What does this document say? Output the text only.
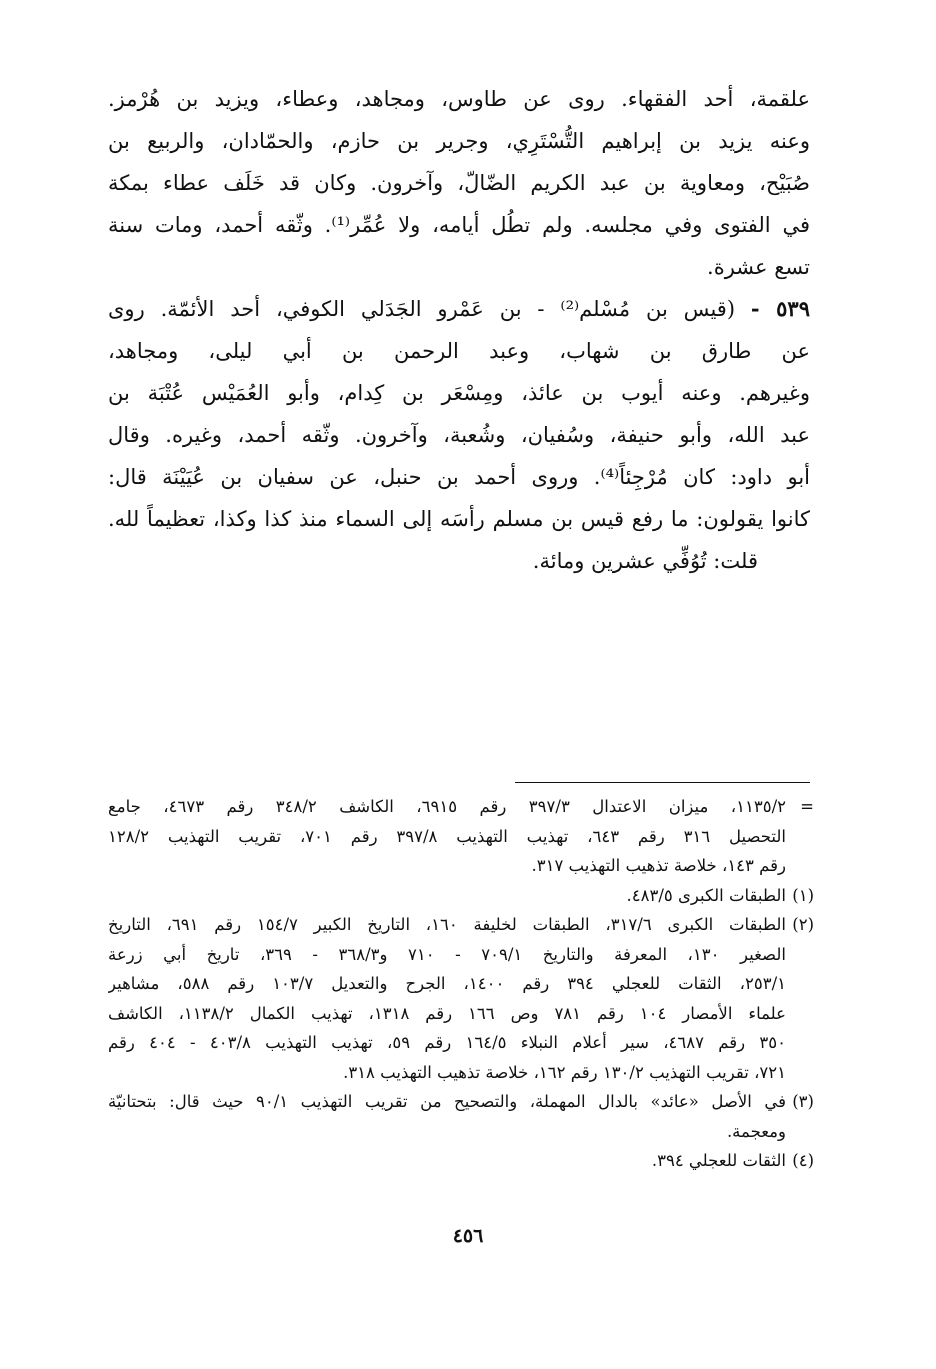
علقمة، أحد الفقهاء. روى عن طاوس، ومجاهد، وعطاء، ويزيد بن هُرْمز.
وعنه يزيد بن إبراهيم التُّسْتَرِي، وجرير بن حازم، والحمّادان، والربيع بن
صُبَيْح، ومعاوية بن عبد الكريم الضّالّ، وآخرون. وكان قد خَلَف عطاء بمكة
في الفتوى وفي مجلسه. ولم تطُل أيامه، ولا عُمِّر⁽¹⁾. وثّقه أحمد، ومات سنة
تسع عشرة.
٥٣٩ - (قيس بن مُسْلم⁽²⁾ - بن عَمْرو الجَدَلي الكوفي، أحد الأئمّة. روى
عن طارق بن شهاب، وعبد الرحمن بن أبي ليلى، ومجاهد،
وغيرهم. وعنه أيوب بن عائذ، ومِسْعَر بن كِدام، وأبو العُمَيْس عُتْبَة بن
عبد الله، وأبو حنيفة، وسُفيان، وشُعبة، وآخرون. وثّقه أحمد، وغيره. وقال
أبو داود: كان مُرْجِئاً⁽⁴⁾. وروى أحمد بن حنبل، عن سفيان بن عُيَيْنَة قال:
كانوا يقولون: ما رفع قيس بن مسلم رأسَه إلى السماء منذ كذا وكذا، تعظيماً لله.
قلت: تُوُفِّي عشرين ومائة.
=١١٣٥/٢، ميزان الاعتدال ٣٩٧/٣ رقم ٦٩١٥، الكاشف ٣٤٨/٢ رقم ٤٦٧٣، جامع
التحصيل ٣١٦ رقم ٦٤٣، تهذيب التهذيب ٣٩٧/٨ رقم ٧٠١، تقريب التهذيب ١٢٨/٢
رقم ١٤٣، خلاصة تذهيب التهذيب ٣١٧.
(١)الطبقات الكبرى ٤٨٣/٥.
(٢)الطبقات الكبرى ٣١٧/٦، الطبقات لخليفة ١٦٠، التاريخ الكبير ١٥٤/٧ رقم ٦٩١، التاريخ
الصغير ١٣٠، المعرفة والتاريخ ٧٠٩/١ - ٧١٠ و٣٦٨/٣ - ٣٦٩، تاريخ أبي زرعة
٢٥٣/١، الثقات للعجلي ٣٩٤ رقم ١٤٠٠، الجرح والتعديل ١٠٣/٧ رقم ٥٨٨، مشاهير
علماء الأمصار ١٠٤ رقم ٧٨١ وص ١٦٦ رقم ١٣١٨، تهذيب الكمال ١١٣٨/٢، الكاشف
٣٥٠ رقم ٤٦٨٧، سير أعلام النبلاء ١٦٤/٥ رقم ٥٩، تهذيب التهذيب ٤٠٣/٨ - ٤٠٤ رقم
٧٢١، تقريب التهذيب ١٣٠/٢ رقم ١٦٢، خلاصة تذهيب التهذيب ٣١٨.
(٣)في الأصل «عائد» بالدال المهملة، والتصحيح من تقريب التهذيب ٩٠/١ حيث قال: بتحتانيّة
ومعجمة.
(٤)الثقات للعجلي ٣٩٤.
٤٥٦
